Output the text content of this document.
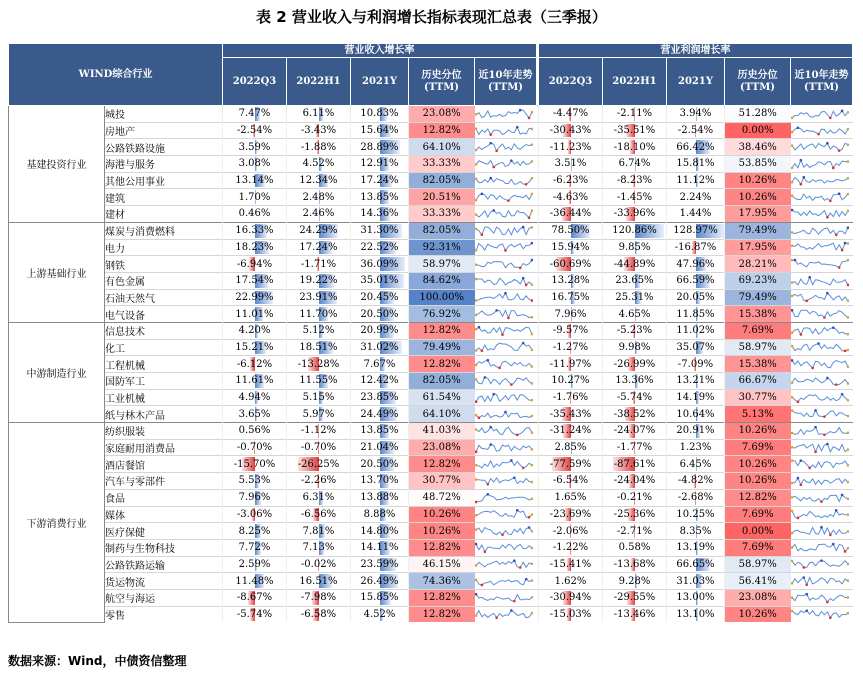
表 2 营业收入与利润增长指标表现汇总表（三季报）
WIND综合行业		营业收入增长率						营业利润增长率				
		2022Q3	2022H1	2021Y	历史分位(TTM)	近10年走势(TTM)		2022Q3	2022H1	2021Y	历史分位(TTM)	近10年走势(TTM)
基建投资行业	城投	7.47%	6.11%	10.83%	23.08%			-4.47%	-2.11%	3.94%	51.28%	

	房地产	-2.54%	-3.43%	15.64%	12.82%			-30.43%	-35.51%	-2.54%	0.00%	

	公路铁路设施	3.59%	-1.88%	28.89%	64.10%			-11.23%	-18.10%	66.42%	38.46%	

	海港与服务	3.08%	4.52%	12.91%	33.33%			3.51%	6.74%	15.81%	53.85%	

	其他公用事业	13.14%	12.34%	17.24%	82.05%			-6.23%	-8.23%	11.12%	10.26%	

	建筑	1.70%	2.48%	13.85%	20.51%			-4.63%	-1.45%	2.24%	10.26%	

	建材	0.46%	2.46%	14.36%	33.33%			-36.44%	-33.96%	1.44%	17.95%	

上游基础行业	煤炭与消费燃料	16.33%	24.29%	31.30%	82.05%			78.50%	120.86%	128.97%	79.49%	

	电力	18.23%	17.24%	22.52%	92.31%			15.94%	9.85%	-16.87%	17.95%	

	钢铁	-6.94%	-1.71%	36.09%	58.97%			-60.69%	-44.89%	47.96%	28.21%	

	有色金属	17.54%	19.22%	35.01%	84.62%			13.28%	23.65%	66.59%	69.23%	

	石油天然气	22.99%	23.91%	20.45%	100.00%			16.75%	25.31%	20.05%	79.49%	

	电气设备	11.01%	11.70%	20.50%	76.92%			7.96%	4.65%	11.85%	15.38%	

中游制造行业	信息技术	4.20%	5.12%	20.99%	12.82%			-9.57%	-5.23%	11.02%	7.69%	

	化工	15.21%	18.51%	31.02%	79.49%			-1.27%	9.98%	35.07%	58.97%	

	工程机械	-6.12%	-13.28%	7.67%	12.82%			-11.97%	-26.99%	-7.09%	15.38%	

	国防军工	11.61%	11.55%	12.42%	82.05%			10.27%	13.36%	13.21%	66.67%	

	工业机械	4.94%	5.15%	23.85%	61.54%			-1.76%	-5.74%	14.19%	30.77%	

	纸与林木产品	3.65%	5.97%	24.49%	64.10%			-35.43%	-38.52%	10.64%	5.13%	

下游消费行业	纺织服装	0.56%	-1.12%	13.85%	41.03%			-31.24%	-24.07%	20.91%	10.26%	

	家庭耐用消费品	-0.70%	-0.70%	21.04%	23.08%			2.85%	-1.77%	1.23%	7.69%	

	酒店餐馆	-15.70%	-26.25%	20.50%	12.82%			-77.59%	-87.61%	6.45%	10.26%	

	汽车与零部件	5.53%	-2.26%	13.70%	30.77%			-6.54%	-24.04%	-4.82%	10.26%	

	食品	7.96%	6.31%	13.88%	48.72%			1.65%	-0.21%	-2.68%	12.82%	

	媒体	-3.06%	-6.56%	8.88%	10.26%			-23.69%	-25.36%	10.25%	7.69%	

	医疗保健	8.25%	7.81%	14.80%	10.26%			-2.06%	-2.71%	8.35%	0.00%	

	制药与生物科技	7.72%	7.13%	14.11%	12.82%			-1.22%	0.58%	13.19%	7.69%	

	公路铁路运输	2.59%	-0.02%	23.59%	46.15%			-15.41%	-13.68%	66.65%	58.97%	

	货运物流	11.48%	16.51%	26.49%	74.36%			1.62%	9.28%	31.03%	56.41%	

	航空与海运	-8.67%	-7.98%	15.85%	12.82%			-30.94%	-29.55%	13.00%	23.08%	

	零售	-5.74%	-6.58%	4.52%	12.82%			-15.03%	-13.46%	13.10%	10.26%	
数据来源：Wind，中债资信整理
